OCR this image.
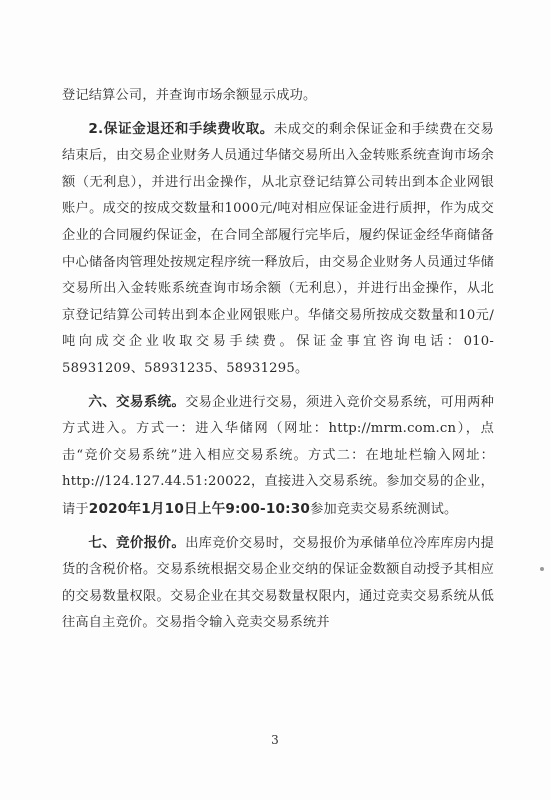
登记结算公司，并查询市场余额显示成功。

2.保证金退还和手续费收取。未成交的剩余保证金和手续费在交易结束后，由交易企业财务人员通过华储交易所出入金转账系统查询市场余额（无利息），并进行出金操作，从北京登记结算公司转出到本企业网银账户。成交的按成交数量和1000元/吨对相应保证金进行质押，作为成交企业的合同履约保证金，在合同全部履行完毕后，履约保证金经华商储备中心储备肉管理处按规定程序统一释放后，由交易企业财务人员通过华储交易所出入金转账系统查询市场余额（无利息），并进行出金操作，从北京登记结算公司转出到本企业网银账户。华储交易所按成交数量和10元/吨向成交企业收取交易手续费。保证金事宜咨询电话：010-58931209、58931235、58931295。

六、交易系统。交易企业进行交易，须进入竞价交易系统，可用两种方式进入。方式一：进入华储网（网址：http://mrm.com.cn），点击“竞价交易系统”进入相应交易系统。方式二：在地址栏输入网址：http://124.127.44.51:20022，直接进入交易系统。参加交易的企业，请于2020年1月10日上午9:00-10:30参加竞卖交易系统测试。

七、竞价报价。出库竞价交易时，交易报价为承储单位冷库库房内提货的含税价格。交易系统根据交易企业交纳的保证金数额自动授予其相应的交易数量权限。交易企业在其交易数量权限内，通过竞卖交易系统从低往高自主竞价。交易指令输入竞卖交易系统并

3
